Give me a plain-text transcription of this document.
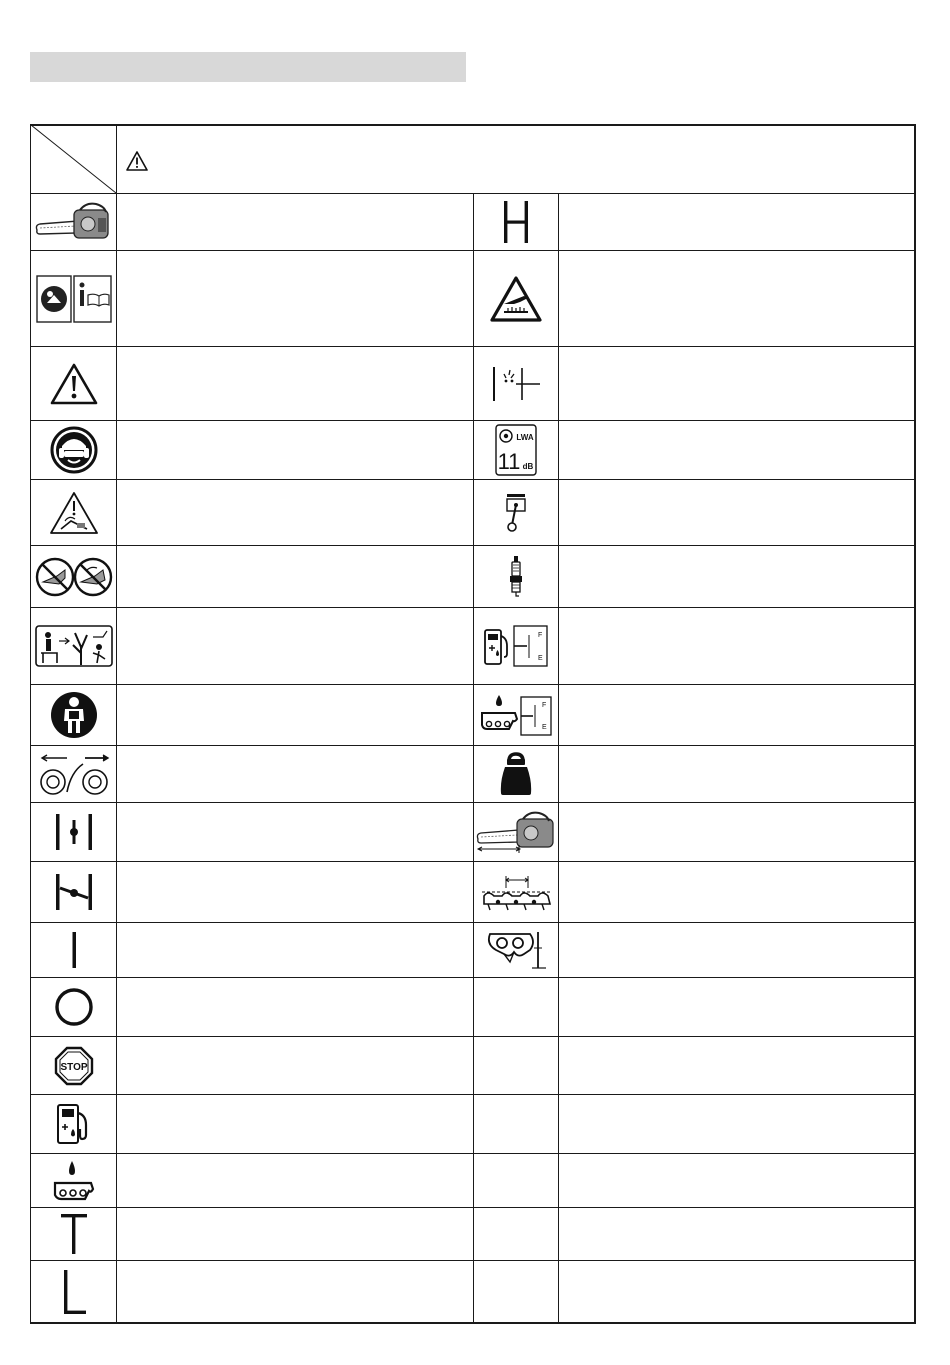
STOP
LWA
11 dB
F
E
F
E
